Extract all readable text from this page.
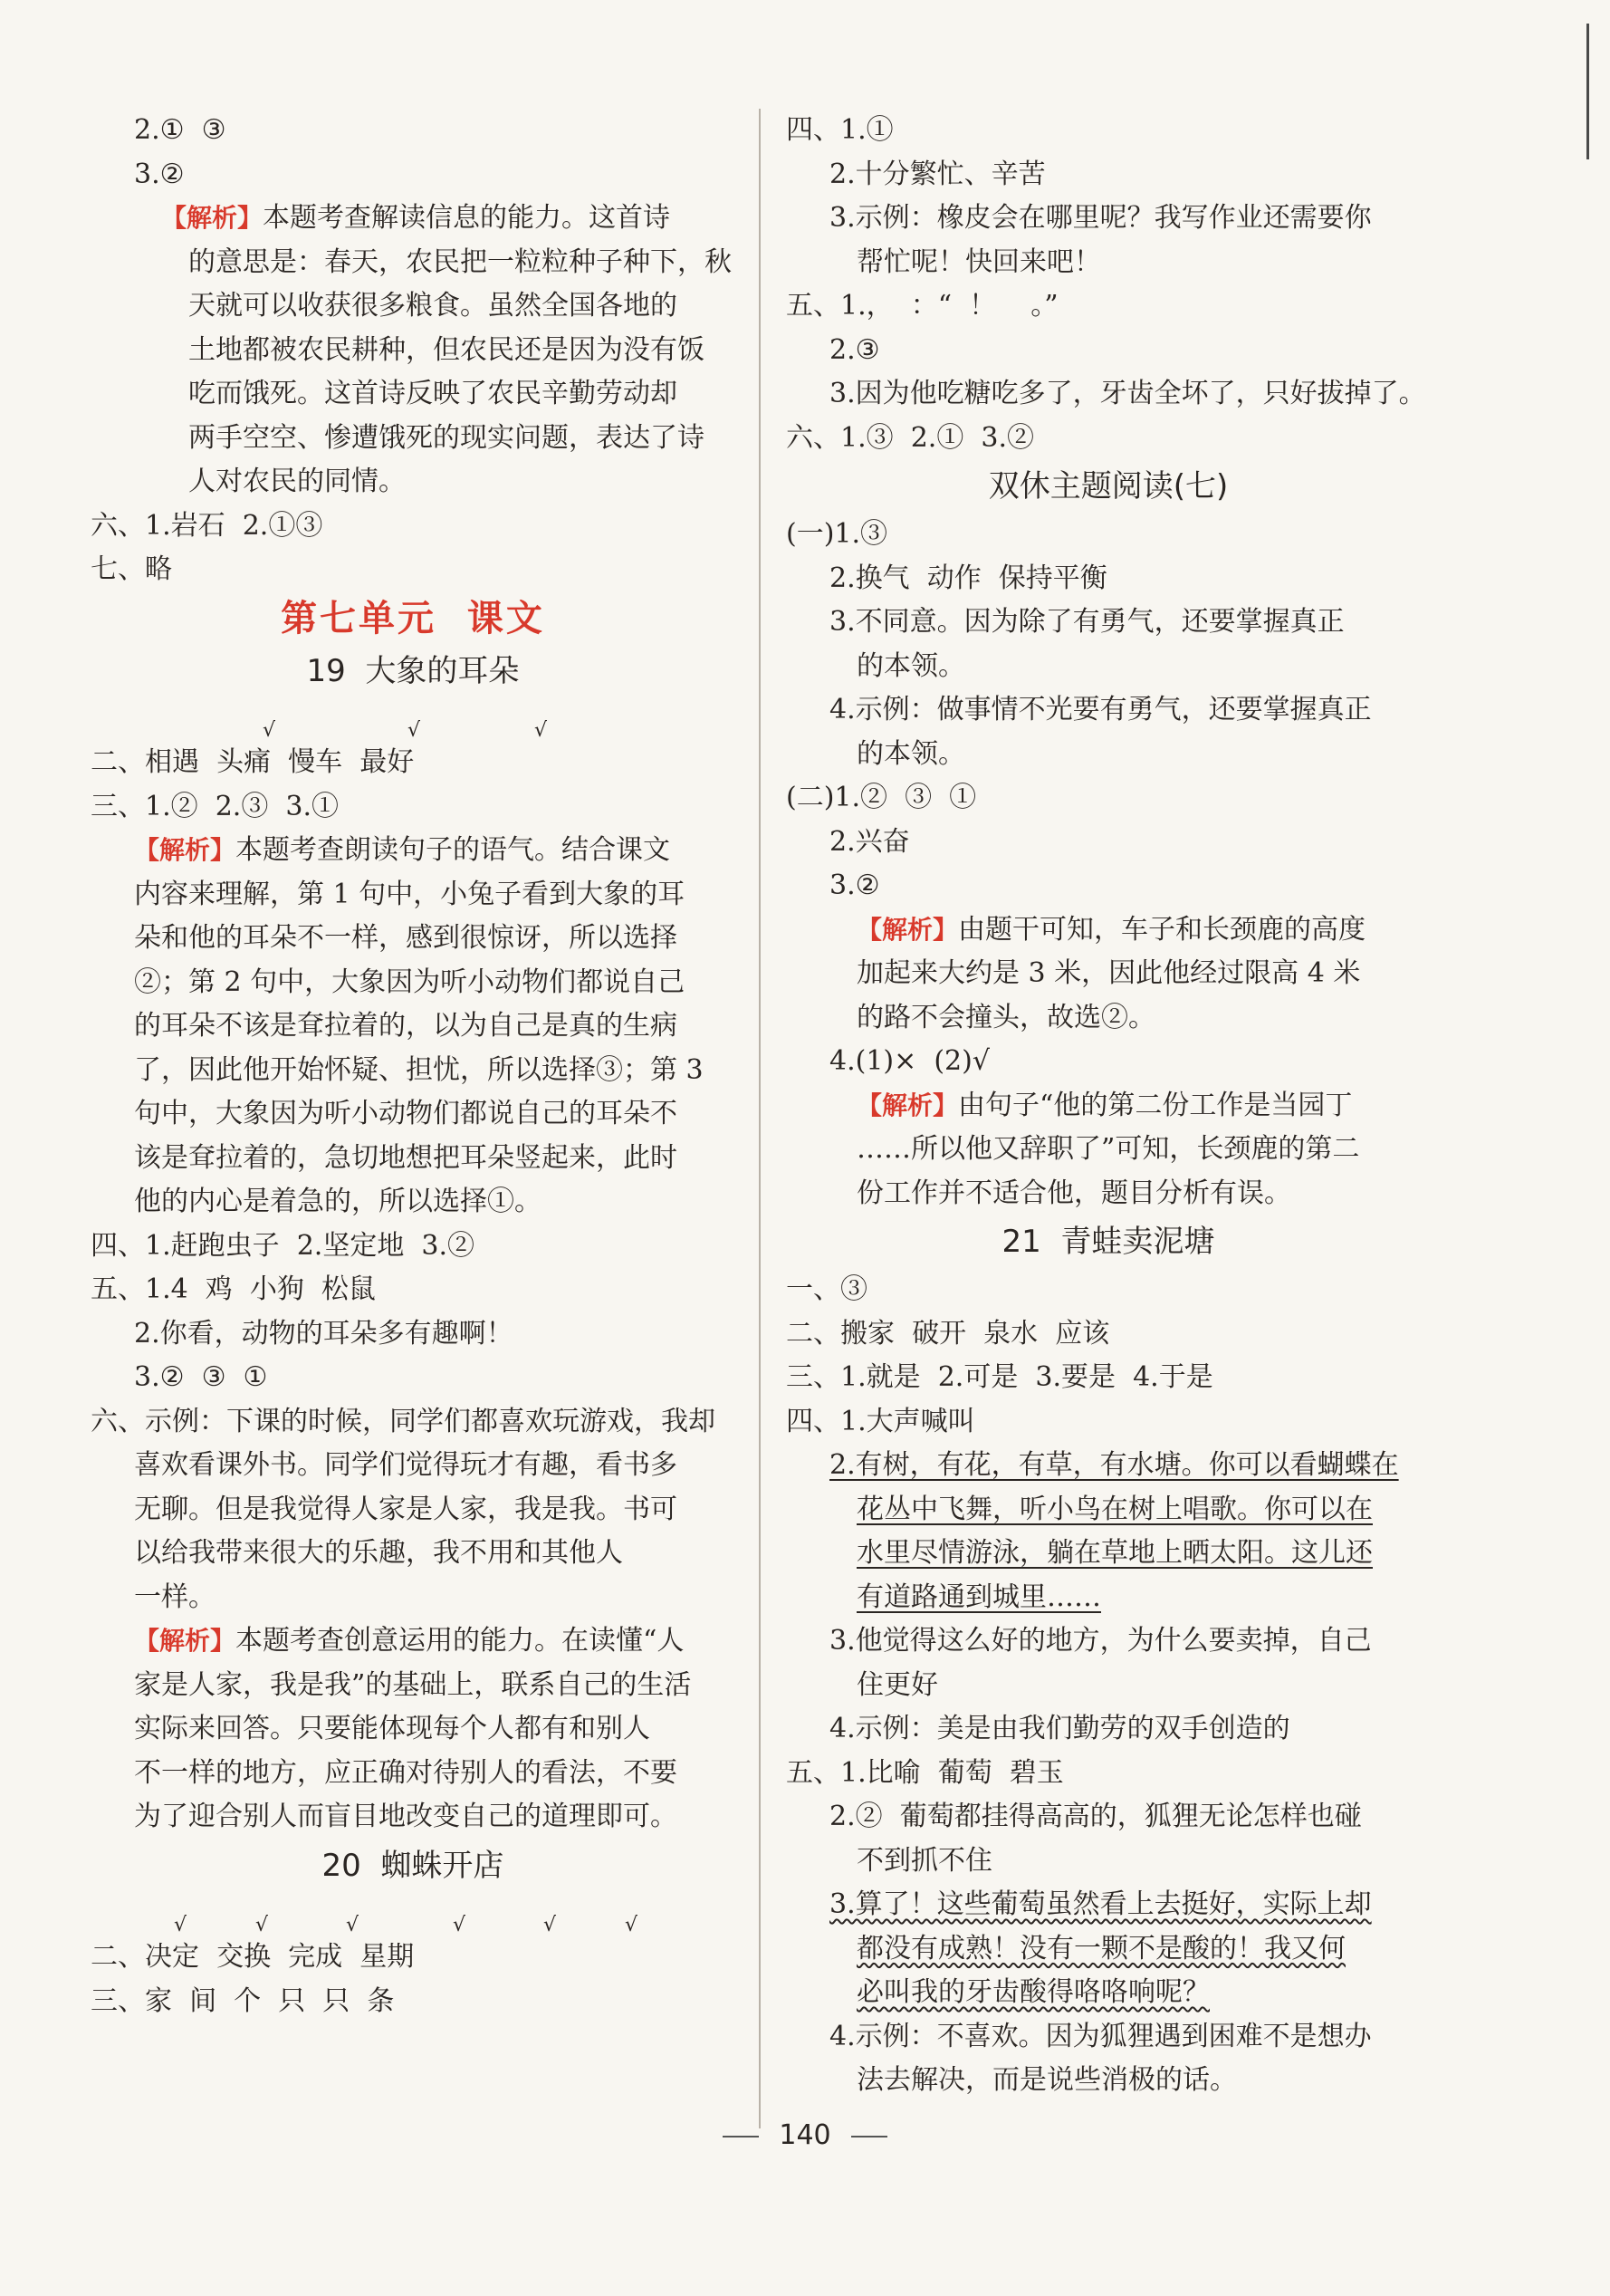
2.①  ③
3.②
【解析】本题考查解读信息的能力。这首诗
的意思是：春天，农民把一粒粒种子种下，秋
天就可以收获很多粮食。虽然全国各地的
土地都被农民耕种，但农民还是因为没有饭
吃而饿死。这首诗反映了农民辛勤劳动却
两手空空、惨遭饿死的现实问题，表达了诗
人对农民的同情。
六、1.岩石  2.①③
七、略
第七单元  课文
19  大象的耳朵

√

	√

	√

二、相遇  头痛  慢车  最好
三、1.②  2.③  3.①
【解析】本题考查朗读句子的语气。结合课文
内容来理解，第 1 句中，小兔子看到大象的耳
朵和他的耳朵不一样，感到很惊讶，所以选择
②；第 2 句中，大象因为听小动物们都说自己
的耳朵不该是耷拉着的，以为自己是真的生病
了，因此他开始怀疑、担忧，所以选择③；第 3
句中，大象因为听小动物们都说自己的耳朵不
该是耷拉着的，急切地想把耳朵竖起来，此时
他的内心是着急的，所以选择①。
四、1.赶跑虫子  2.坚定地  3.②
五、1.4  鸡  小狗  松鼠
2.你看，动物的耳朵多有趣啊！
3.②  ③  ①
六、示例：下课的时候，同学们都喜欢玩游戏，我却
喜欢看课外书。同学们觉得玩才有趣，看书多
无聊。但是我觉得人家是人家，我是我。书可
以给我带来很大的乐趣，我不用和其他人
一样。
【解析】本题考查创意运用的能力。在读懂“人
家是人家，我是我”的基础上，联系自己的生活
实际来回答。只要能体现每个人都有和别人
不一样的地方，应正确对待别人的看法，不要
为了迎合别人而盲目地改变自己的道理即可。
20  蜘蛛开店

√

	√

	√

	√

	√

	√

二、决定  交换  完成  星期
三、家  间  个  只  只  条
四、1.①
2.十分繁忙、辛苦
3.示例：橡皮会在哪里呢？我写作业还需要你
帮忙呢！快回来吧！
五、1.，  ：“  ！    。”
2.③
3.因为他吃糖吃多了，牙齿全坏了，只好拔掉了。
六、1.③  2.①  3.②
双休主题阅读(七)
(一)1.③
2.换气  动作  保持平衡
3.不同意。因为除了有勇气，还要掌握真正
的本领。
4.示例：做事情不光要有勇气，还要掌握真正
的本领。
(二)1.②  ③  ①
2.兴奋
3.②
【解析】由题干可知，车子和长颈鹿的高度
加起来大约是 3 米，因此他经过限高 4 米
的路不会撞头，故选②。
4.(1)×  (2)√
【解析】由句子“他的第二份工作是当园丁
……所以他又辞职了”可知，长颈鹿的第二
份工作并不适合他，题目分析有误。
21  青蛙卖泥塘
一、③
二、搬家  破开  泉水  应该
三、1.就是  2.可是  3.要是  4.于是
四、1.大声喊叫
2.有树，有花，有草，有水塘。你可以看蝴蝶在
花丛中飞舞，听小鸟在树上唱歌。你可以在
水里尽情游泳，躺在草地上晒太阳。这儿还
有道路通到城里……
3.他觉得这么好的地方，为什么要卖掉，自己
住更好
4.示例：美是由我们勤劳的双手创造的
五、1.比喻  葡萄  碧玉
2.②  葡萄都挂得高高的，狐狸无论怎样也碰
不到抓不住
3.算了！这些葡萄虽然看上去挺好，实际上却
都没有成熟！没有一颗不是酸的！我又何
必叫我的牙齿酸得咯咯响呢？
4.示例：不喜欢。因为狐狸遇到困难不是想办
法去解决，而是说些消极的话。
140
